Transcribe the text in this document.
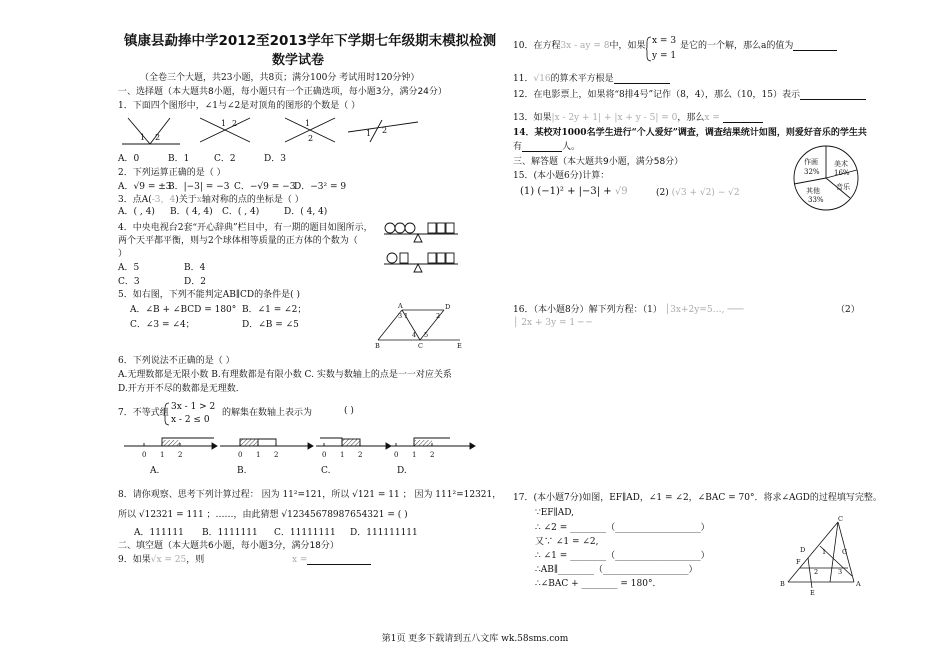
镇康县勐捧中学2012至2013学年下学期七年级期末模拟检测
数学试卷
（全卷三个大题，共23小题，共8页；满分100分 考试用时120分钟）
一、选择题（本大题共8小题，每小题只有一个正确选项，每小题3分，满分24分）
1．下面四个图形中，∠1与∠2是对顶角的图形的个数是（ ）
1 2
1 2	1
2
1 2
A．0	B．1	C．2	D．3
2．下列运算正确的是（ ）
A．√9 = ±3
B．|−3| = −3 C．−√9 = −3
D．−3² = 9
3．点A(-3，4)关于x轴对称的点的坐标是（ ）
A．( , 4) B．( 4, 4) C．( , 4)	D．( 4, 4)
4．中央电视台2套“开心辞典”栏目中，有一期的题目如图所示，
两个天平都平衡，则与2个球体相等质量的正方体的个数为（
）
A．5	B．4
C．3	D．2
5．如右图，下列不能判定AB∥CD的条件是( )
A．∠B + ∠BCD = 180° B．∠1 = ∠2；
C．∠3 = ∠4；	D．∠B = ∠5
A	D
B	C	E
1	2
3
4 5
6．下列说法不正确的是（ ）
A.无理数都是无限小数 B.有理数都是有限小数 C. 实数与数轴上的点是一一对应关系
D.开方开不尽的数都是无理数．
7．不等式组
3x - 1 > 2
x - 2 ≤ 0
的解集在数轴上表示为	( )
0 1 2	0 1 2	0 1 2	0 1 2
A.	B.	C.	D.
8．请你观察、思考下列计算过程： 因为 11²=121，所以 √121 = 11 ； 因为 111²=12321，
所以 √12321 = 111 ；……，由此猜想 √12345678987654321 = ( )
A．111111 B．1111111 C．11111111 D．111111111
二、填空题（本大题共6小题，每小题3分，满分18分）
9．如果√x = 25，则	x =
10．在方程3x - ay = 8中，如果 x = 3
y = 1
是它的一个解，那么a的值为
11．√16的算术平方根是
12．在电影票上，如果将“8排4号”记作（8，4），那么（10，15）表示
13．如果|x - 2y + 1| + |x + y - 5| = 0，那么x =
14．某校对1000名学生进行“个人爱好”调查，调查结果统计如图，则爱好音乐的学生共
有	人。
作画
32%
美术
16%
其他
33%
音乐
三、解答题（本大题共9小题，满分58分）
15．(本小题6分)计算：
(1) (−1)² + |−3| + √9	(2) (√3 + √2) − √2
16．（本小题8分）解下列方程：（1） │3x+2y=5…, ───	（2）
│ 2x + 3y = 1 ─ ─
17．(本小题7分)如图，EF∥AD，∠1 = ∠2，∠BAC = 70°．将求∠AGD的过程填写完整。
∵EF∥AD,
∴ ∠2 = ________（___________________）
又∵ ∠1 = ∠2,
∴ ∠1 = ________（___________________）
∴AB∥________（___________________）
∴∠BAC + ________ = 180°．
C
G
D
F
1
2	3
B
E
A
第1页 更多下载请到五八文库 wk.58sms.com
